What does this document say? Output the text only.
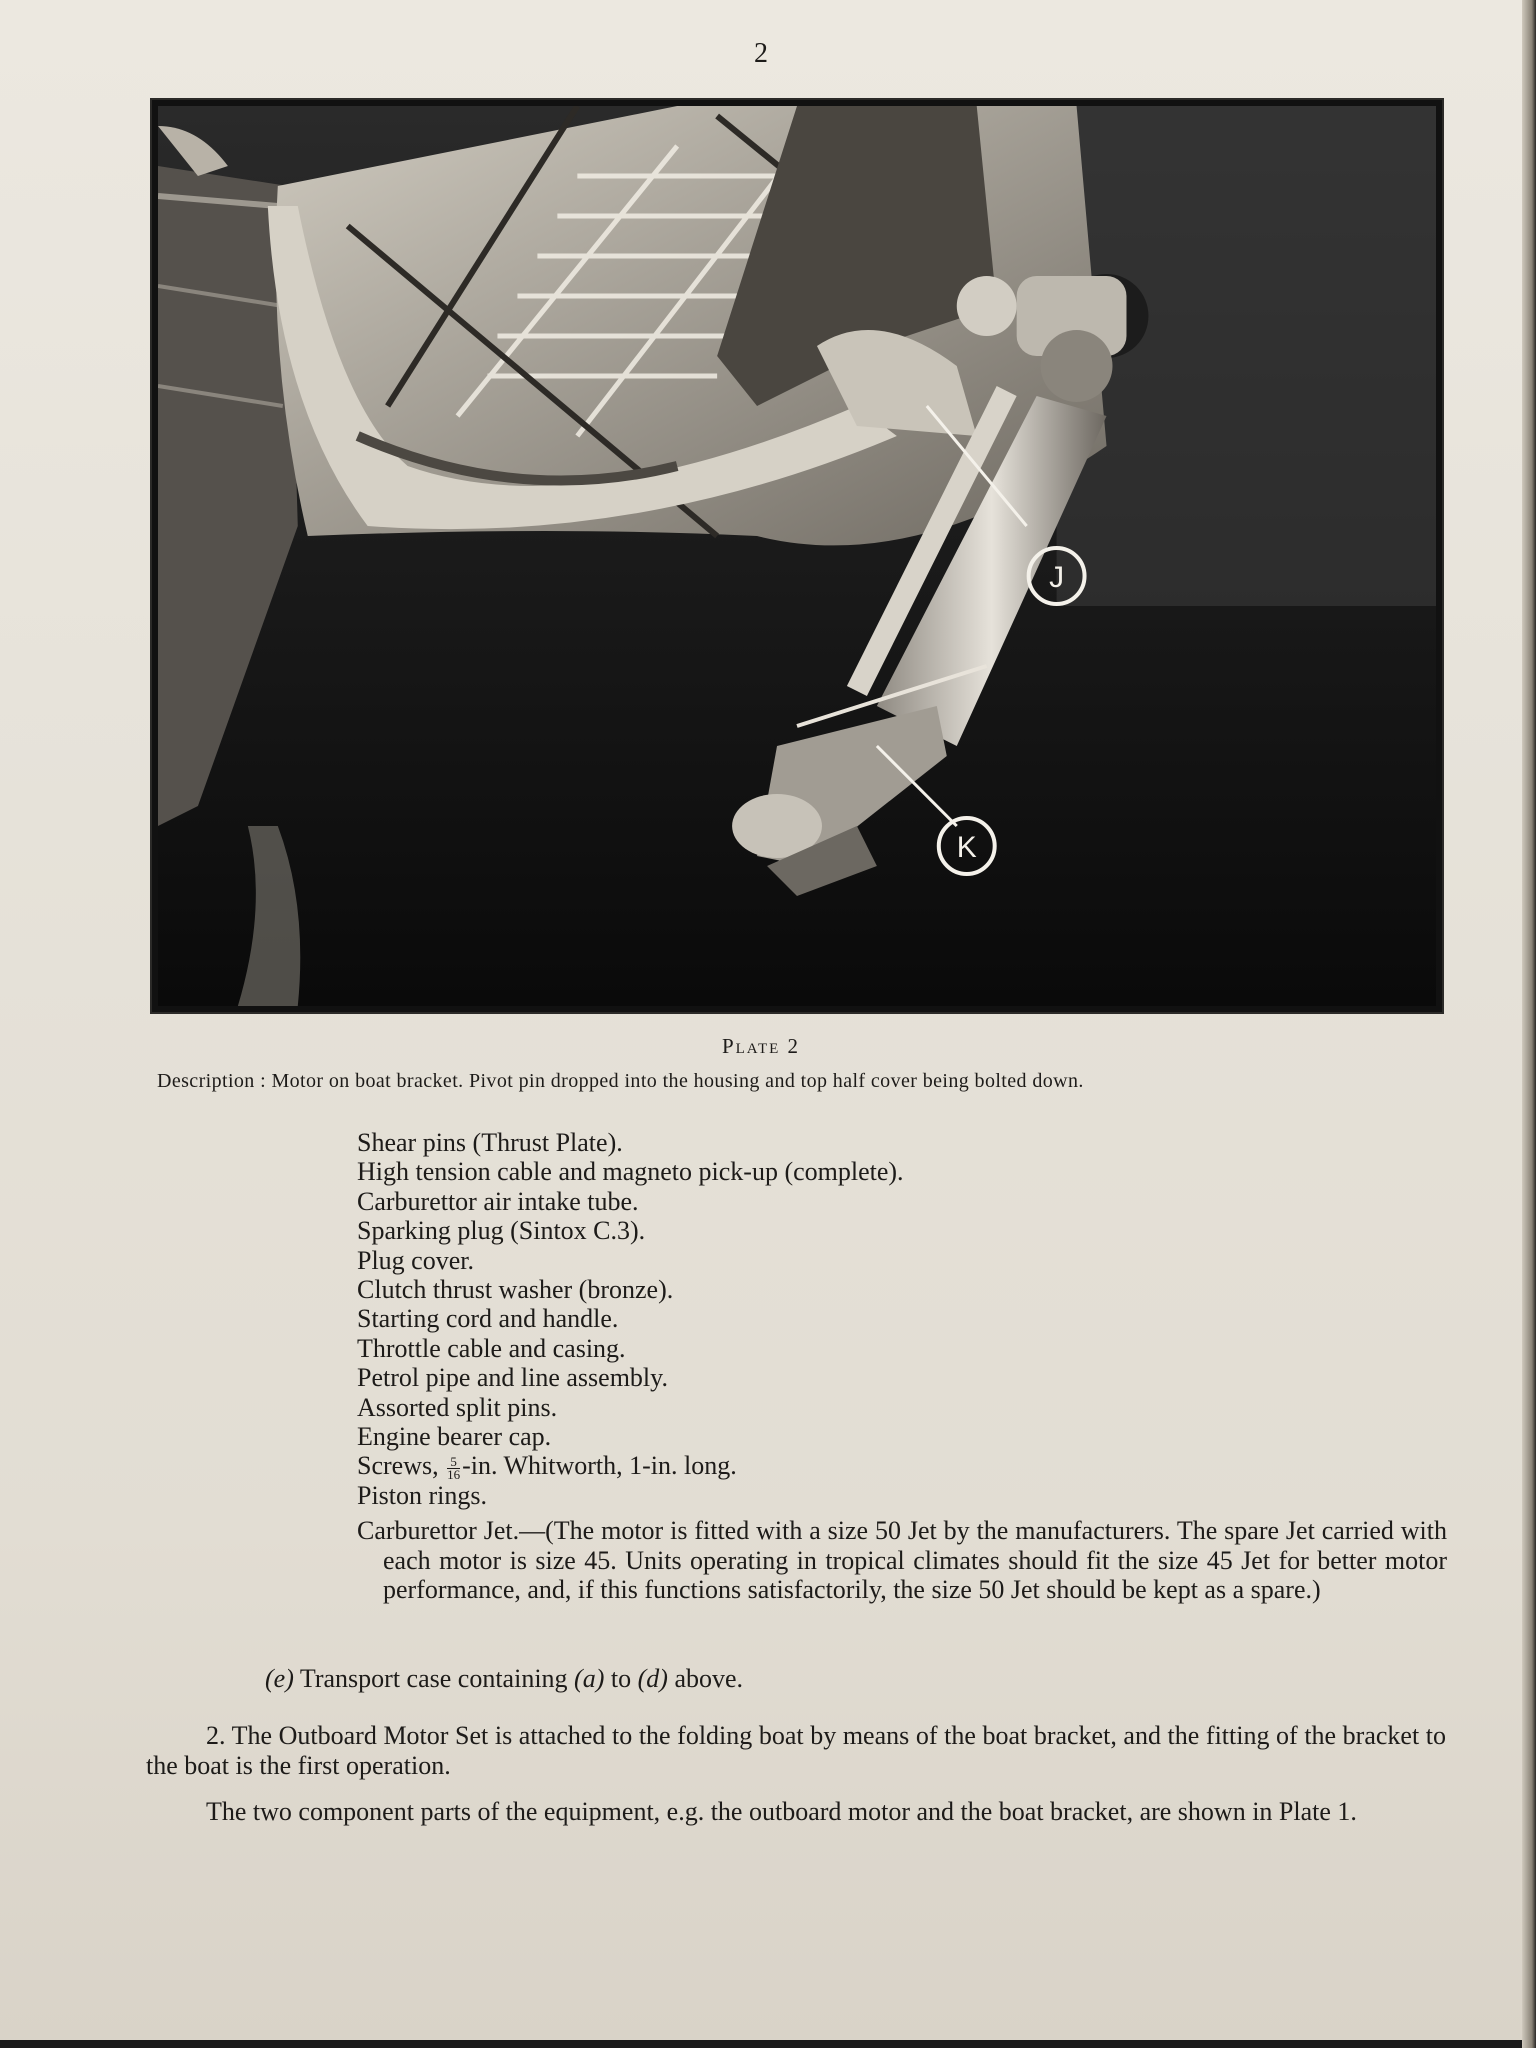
2
J
K
Plate 2
Description : Motor on boat bracket. Pivot pin dropped into the housing and top half cover being bolted down.
Shear pins (Thrust Plate).
High tension cable and magneto pick-up (complete).
Carburettor air intake tube.
Sparking plug (Sintox C.3).
Plug cover.
Clutch thrust washer (bronze).
Starting cord and handle.
Throttle cable and casing.
Petrol pipe and line assembly.
Assorted split pins.
Engine bearer cap.
Screws, $\frac{5}{16} -in$. Whitworth, 1-in. long.
Piston rings.
Carburettor Jet.—(The motor is fitted with a size 50 Jet by the manufacturers. The spare Jet carried with each motor is size 45. Units operating in tropical climates should fit the size 45 Jet for better motor performance, and, if this functions satisfactorily, the size 50 Jet should be kept as a spare.)
(e) Transport case containing (a) to (d) above.
2. The Outboard Motor Set is attached to the folding boat by means of the boat bracket, and the fitting of the bracket to the boat is the first operation.
The two component parts of the equipment, e.g. the outboard motor and the boat bracket, are shown in Plate 1.
